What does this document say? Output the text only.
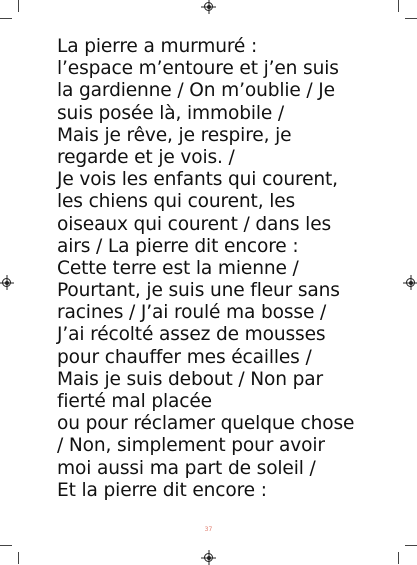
La pierre a murmuré :
l’espace m’entoure et j’en suis
la gardienne / On m’oublie / Je
suis posée là, immobile /
Mais je rêve, je respire, je
regarde et je vois. /
Je vois les enfants qui courent,
les chiens qui courent, les
oiseaux qui courent / dans les
airs / La pierre dit encore :
Cette terre est la mienne /
Pourtant, je suis une fleur sans
racines / J’ai roulé ma bosse /
J’ai récolté assez de mousses
pour chauffer mes écailles /
Mais je suis debout / Non par
fierté mal placée
ou pour réclamer quelque chose
/ Non, simplement pour avoir
moi aussi ma part de soleil /
Et la pierre dit encore :

37
